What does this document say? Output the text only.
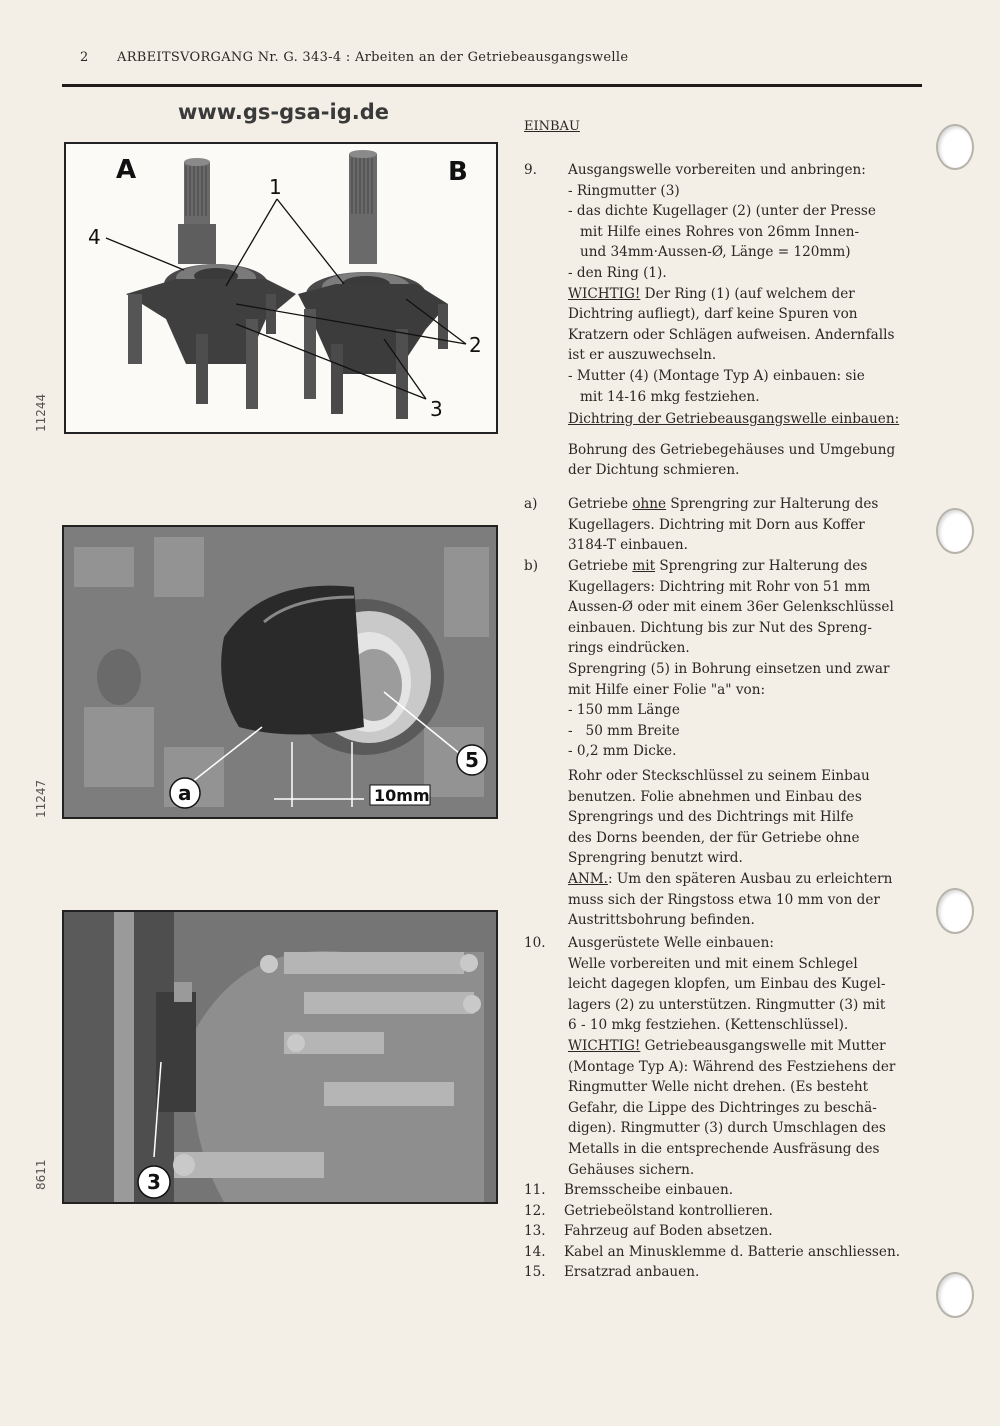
2 ARBEITSVORGANG Nr. G. 343-4 : Arbeiten an der Getriebeausgangswelle
www.gs-gsa-ig.de
EINBAU
A	B
1
2
3
4
11244
a
5
10mm
11247
3
8611
9. Ausgangswelle vorbereiten und anbringen:
- Ringmutter (3)
- das dichte Kugellager (2) (unter der Presse
mit Hilfe eines Rohres von 26mm Innen-
und 34mm·Aussen-Ø, Länge = 120mm)
- den Ring (1).
WICHTIG! Der Ring (1) (auf welchem der
Dichtring aufliegt), darf keine Spuren von
Kratzern oder Schlägen aufweisen. Andernfalls
ist er auszuwechseln.
- Mutter (4) (Montage Typ A) einbauen: sie
mit 14-16 mkg festziehen.
Dichtring der Getriebeausgangswelle einbauen:
Bohrung des Getriebegehäuses und Umgebung
der Dichtung schmieren.
a) Getriebe ohne Sprengring zur Halterung des
Kugellagers. Dichtring mit Dorn aus Koffer
3184-T einbauen.
b) Getriebe mit Sprengring zur Halterung des
Kugellagers: Dichtring mit Rohr von 51 mm
Aussen-Ø oder mit einem 36er Gelenkschlüssel
einbauen. Dichtung bis zur Nut des Spreng-
rings eindrücken.
Sprengring (5) in Bohrung einsetzen und zwar
mit Hilfe einer Folie "a" von:
- 150 mm Länge
-   50 mm Breite
- 0,2 mm Dicke.
Rohr oder Steckschlüssel zu seinem Einbau
benutzen. Folie abnehmen und Einbau des
Sprengrings und des Dichtrings mit Hilfe
des Dorns beenden, der für Getriebe ohne
Sprengring benutzt wird.
ANM.: Um den späteren Ausbau zu erleichtern
muss sich der Ringstoss etwa 10 mm von der
Austrittsbohrung befinden.
10. Ausgerüstete Welle einbauen:
Welle vorbereiten und mit einem Schlegel
leicht dagegen klopfen, um Einbau des Kugel-
lagers (2) zu unterstützen. Ringmutter (3) mit
6 - 10 mkg festziehen. (Kettenschlüssel).
WICHTIG! Getriebeausgangswelle mit Mutter
(Montage Typ A): Während des Festziehens der
Ringmutter Welle nicht drehen. (Es besteht
Gefahr, die Lippe des Dichtringes zu beschä-
digen). Ringmutter (3) durch Umschlagen des
Metalls in die entsprechende Ausfräsung des
Gehäuses sichern.
11. Bremsscheibe einbauen.
12. Getriebeölstand kontrollieren.
13. Fahrzeug auf Boden absetzen.
14. Kabel an Minusklemme d. Batterie anschliessen.
15. Ersatzrad anbauen.
